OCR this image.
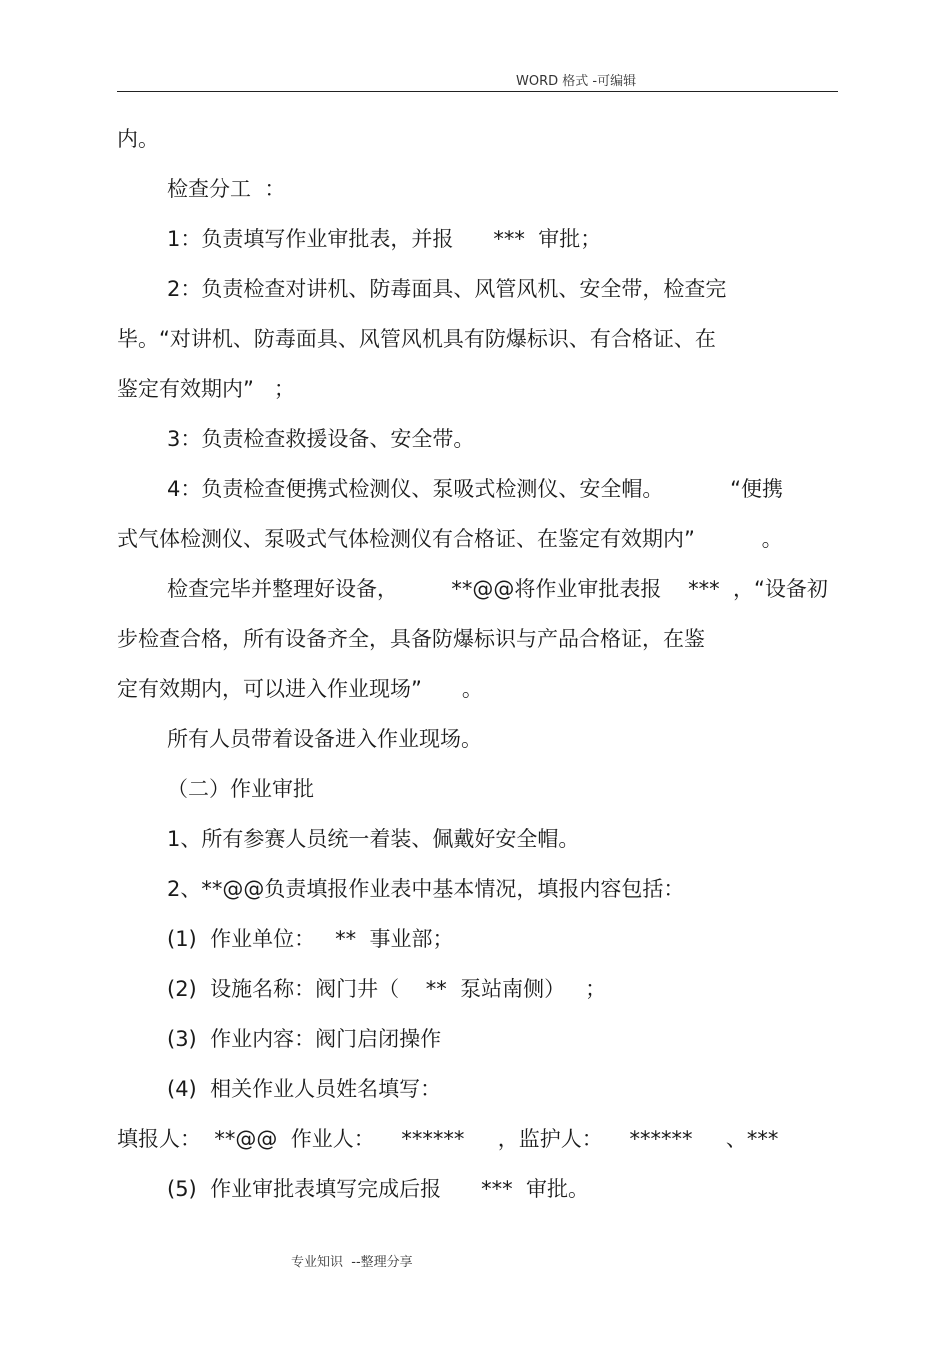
WORD 格式 -可编辑
内。
检查分工  ：
1：负责填写作业审批表，并报      ***  审批；
2：负责检查对讲机、防毒面具、风管风机、安全带，检查完
毕。“对讲机、防毒面具、风管风机具有防爆标识、有合格证、在
鉴定有效期内”   ；
3：负责检查救援设备、安全带。
4：负责检查便携式检测仪、泵吸式检测仪、安全帽。          “便携
式气体检测仪、泵吸式气体检测仪有合格证、在鉴定有效期内”          。
检查完毕并整理好设备，        **@@将作业审批表报    ***  ，“设备初
步检查合格，所有设备齐全，具备防爆标识与产品合格证，在鉴
定有效期内，可以进入作业现场”      。
所有人员带着设备进入作业现场。
（二）作业审批
1、所有参赛人员统一着装、佩戴好安全帽。
2、**@@负责填报作业表中基本情况，填报内容包括：
(1)  作业单位：   **  事业部；
(2)  设施名称：阀门井（    **  泵站南侧）   ；
(3)  作业内容：阀门启闭操作
(4)  相关作业人员姓名填写：
填报人：  **@@  作业人：    ******     ，监护人：    ******     、***
(5)  作业审批表填写完成后报      ***  审批。
专业知识  --整理分享
